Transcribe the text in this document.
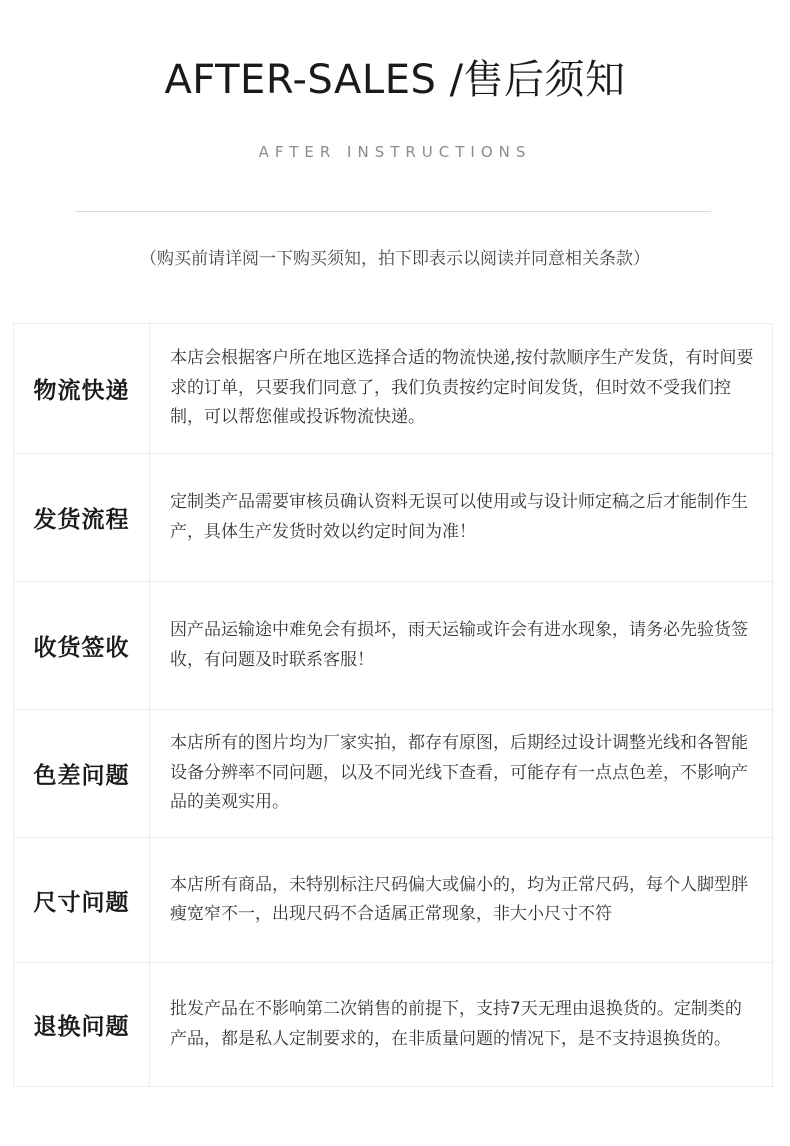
AFTER-SALES /售后须知
AFTER INSTRUCTIONS
（购买前请详阅一下购买须知，拍下即表示以阅读并同意相关条款）
物流快递
本店会根据客户所在地区选择合适的物流快递,按付款顺序生产发货，有时间要求的订单，只要我们同意了，我们负责按约定时间发货，但时效不受我们控制，可以帮您催或投诉物流快递。
发货流程
定制类产品需要审核员确认资料无误可以使用或与设计师定稿之后才能制作生产，具体生产发货时效以约定时间为准！
收货签收
因产品运输途中难免会有损坏，雨天运输或许会有进水现象，请务必先验货签收，有问题及时联系客服！
色差问题
本店所有的图片均为厂家实拍，都存有原图，后期经过设计调整光线和各智能设备分辨率不同问题，以及不同光线下查看，可能存有一点点色差，不影响产品的美观实用。
尺寸问题
本店所有商品，未特别标注尺码偏大或偏小的，均为正常尺码，每个人脚型胖瘦宽窄不一，出现尺码不合适属正常现象，非大小尺寸不符
退换问题
批发产品在不影响第二次销售的前提下，支持7天无理由退换货的。定制类的产品，都是私人定制要求的，在非质量问题的情况下，是不支持退换货的。
